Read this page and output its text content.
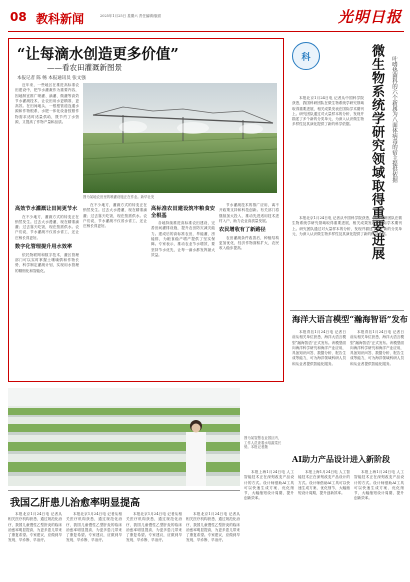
08 教科新闻	2025年1月25日 星期六 责任编辑/版面	光明日报
“让每滴水创造更多价值”
——看农田灌溉新图景
本报记者 陈 畅 本报通讯员 张文强

近年来，一些地区在推进高标准农田建设中，把节水灌溉作为重要内容，因地制宜推广喷灌、滴灌、微灌等高效节水灌溉技术，让农田用水更精准、更高效。在田间地头，一根根管道连通水源和作物根系，水肥一体化设备按照作物需求适时适量供给，既节约了水资源，又提高了作物产量和品质。

图为某地农田里的喷灌设施正在作业。新华社发
高效节水灌溉让田间更节水

在不少地方，灌溉方式的转变正在悄然发生。过去大水漫灌，现在精准滴灌；过去靠天吃饭，现在按需供水。农户们说，节水灌溉不仅省水省工，还让庄稼长得更好。

数字化管理提升用水效率

依托物联网和数字技术，灌区管理部门可以实时掌握土壤墒情和作物长势，科学制定灌溉计划，实现用水管理的精细化和智能化。

在不少地方，灌溉方式的转变正在悄然发生。过去大水漫灌，现在精准滴灌；过去靠天吃饭，现在按需供水。农户们说，节水灌溉不仅省水省工，还让庄稼长得更好。

高标准农田建设筑牢粮食安全根基

各地持续推进高标准农田建设，完善田间灌排设施，提升农田防灾减灾能力。建成后的高标准农田，旱能灌、涝能排，为粮食稳产增产提供了坚实保障。专家表示，推动农业节水增效，要坚持节水优先，让每一滴水都发挥最大效益。

节水灌溉技术的推广应用，离不开政策支持和科技创新。有关部门将继续加大投入，推动先进适用技术进村入户，助力农业高质量发展。

农民增收有了新路径

农田灌溉条件改善后，种植结构更加优化，经济作物面积扩大，农民收入稳步提高。

科	微生物系统学研究领域取得重要进展	叶嗜热菌科的六个新属为八面体病毒的宿主提供依据

本报北京1月24日电 记者从中国科学院获悉，我国科研团队在微生物系统学研究领域取得重要进展，相关成果发表在国际学术期刊上。研究团队通过对大量样本的分析，发现并描述了多个新的分类单元，为深入认识微生物多样性及其演化提供了新的科学依据。

本报北京1月24日电 记者从中国科学院获悉，我国科研团队在微生物系统学研究领域取得重要进展，相关成果发表在国际学术期刊上。研究团队通过对大量样本的分析，发现并描述了多个新的分类单元，为深入认识微生物多样性及其演化提供了新的科学依据。

海洋大语言模型“瀚海智语”发布

本报青岛1月24日电 记者日前从相关单位获悉，海洋大语言模型“瀚海智语”正式发布。该模型面向海洋科学研究和海洋产业应用，具备知识问答、数据分析、报告生成等能力，可为海洋领域科研人员和从业者提供智能化服务。

本报青岛1月24日电 记者日前从相关单位获悉，海洋大语言模型“瀚海智语”正式发布。该模型面向海洋科学研究和海洋产业应用，具备知识问答、数据分析、报告生成等能力，可为海洋领域科研人员和从业者提供智能化服务。

图为某智慧农业园区内，工作人员查看水培蔬菜长势。本报记者摄
AI助力产品设计进入新阶段

本报上海1月24日电 人工智能技术正在深刻改变产品设计的方式。设计师借助AI工具可以快速生成方案、优化细节，大幅缩短设计周期，提升创新效率。

本报上海1月24日电 人工智能技术正在深刻改变产品设计的方式。设计师借助AI工具可以快速生成方案、优化细节，大幅缩短设计周期，提升创新效率。

本报上海1月24日电 人工智能技术正在深刻改变产品设计的方式。设计师借助AI工具可以快速生成方案、优化细节，大幅缩短设计周期，提升创新效率。

我国乙肝患儿治愈率明显提高

本报北京1月24日电 记者从相关医疗机构获悉，通过规范化治疗，我国儿童慢性乙型肝炎的临床治愈率明显提高，为更多患儿带来了康复希望。专家建议，应做到早发现、早诊断、早治疗。

本报北京1月24日电 记者从相关医疗机构获悉，通过规范化治疗，我国儿童慢性乙型肝炎的临床治愈率明显提高，为更多患儿带来了康复希望。专家建议，应做到早发现、早诊断、早治疗。

本报北京1月24日电 记者从相关医疗机构获悉，通过规范化治疗，我国儿童慢性乙型肝炎的临床治愈率明显提高，为更多患儿带来了康复希望。专家建议，应做到早发现、早诊断、早治疗。

本报北京1月24日电 记者从相关医疗机构获悉，通过规范化治疗，我国儿童慢性乙型肝炎的临床治愈率明显提高，为更多患儿带来了康复希望。专家建议，应做到早发现、早诊断、早治疗。
